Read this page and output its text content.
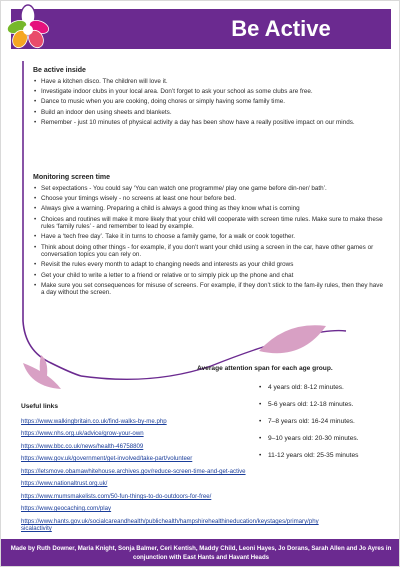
Be Active
Be active inside
• Have a kitchen disco. The children will love it.
• Investigate indoor clubs in your local area. Don’t forget to ask your school as some clubs are free.
• Dance to music when you are cooking, doing chores or simply having some family time.
• Build an indoor den using sheets and blankets.
• Remember - just 10 minutes of physical activity a day has been show have a really positive impact on our minds.
Monitoring screen time
• Set expectations - You could say ‘You can watch one programme/ play one game before din-ner/ bath’.
• Choose your timings wisely - no screens at least one hour before bed.
• Always give a warning. Preparing a child is always a good thing as they know what is coming
• Choices and routines will make it more likely that your child will cooperate with screen time rules. Make sure to make these rules ‘family rules’ - and remember to lead by example.
• Have a ‘tech free day’. Take it in turns to choose a family game, for a walk or cook together.
• Think about doing other things - for example, if you don’t want your child using a screen in the car, have other games or conversation topics you can rely on.
• Revisit the rules every month to adapt to changing needs and interests as your child grows
• Get your child to write a letter to a friend or relative or to simply pick up the phone and chat
• Make sure you set consequences for misuse of screens. For example, if they don’t stick to the fam-ily rules, then they have a day without the screen.
Average attention span for each age group.
• 4 years old: 8-12 minutes.
• 5-6 years old: 12-18 minutes.
• 7–8 years old: 16-24 minutes.
• 9–10 years old: 20-30 minutes.
• 11-12 years old: 25-35 minutes
Useful links
https://www.walkingbritain.co.uk/find-walks-by-me.php
https://www.nhs.org.uk/advice/grow-your-own
https://www.bbc.co.uk/news/health-46758809
https://www.gov.uk/government/get-involved/take-part/volunteer
https://letsmove.obamawhitehouse.archives.gov/reduce-screen-time-and-get-active
https://www.nationaltrust.org.uk/
https://www.mumsmakelists.com/50-fun-things-to-do-outdoors-for-free/
https://www.geocaching.com/play
https://www.hants.gov.uk/socialcareandhealth/publichealth/hampshirehealthineducation/keystages/primary/physicalactivity
Made by Ruth Downer, Maria Knight, Sonja Balmer, Ceri Kentish, Maddy Child, Leoni Hayes, Jo Dorans, Sarah Allen and Jo Ayres in conjunction with East Hants and Havant Heads
